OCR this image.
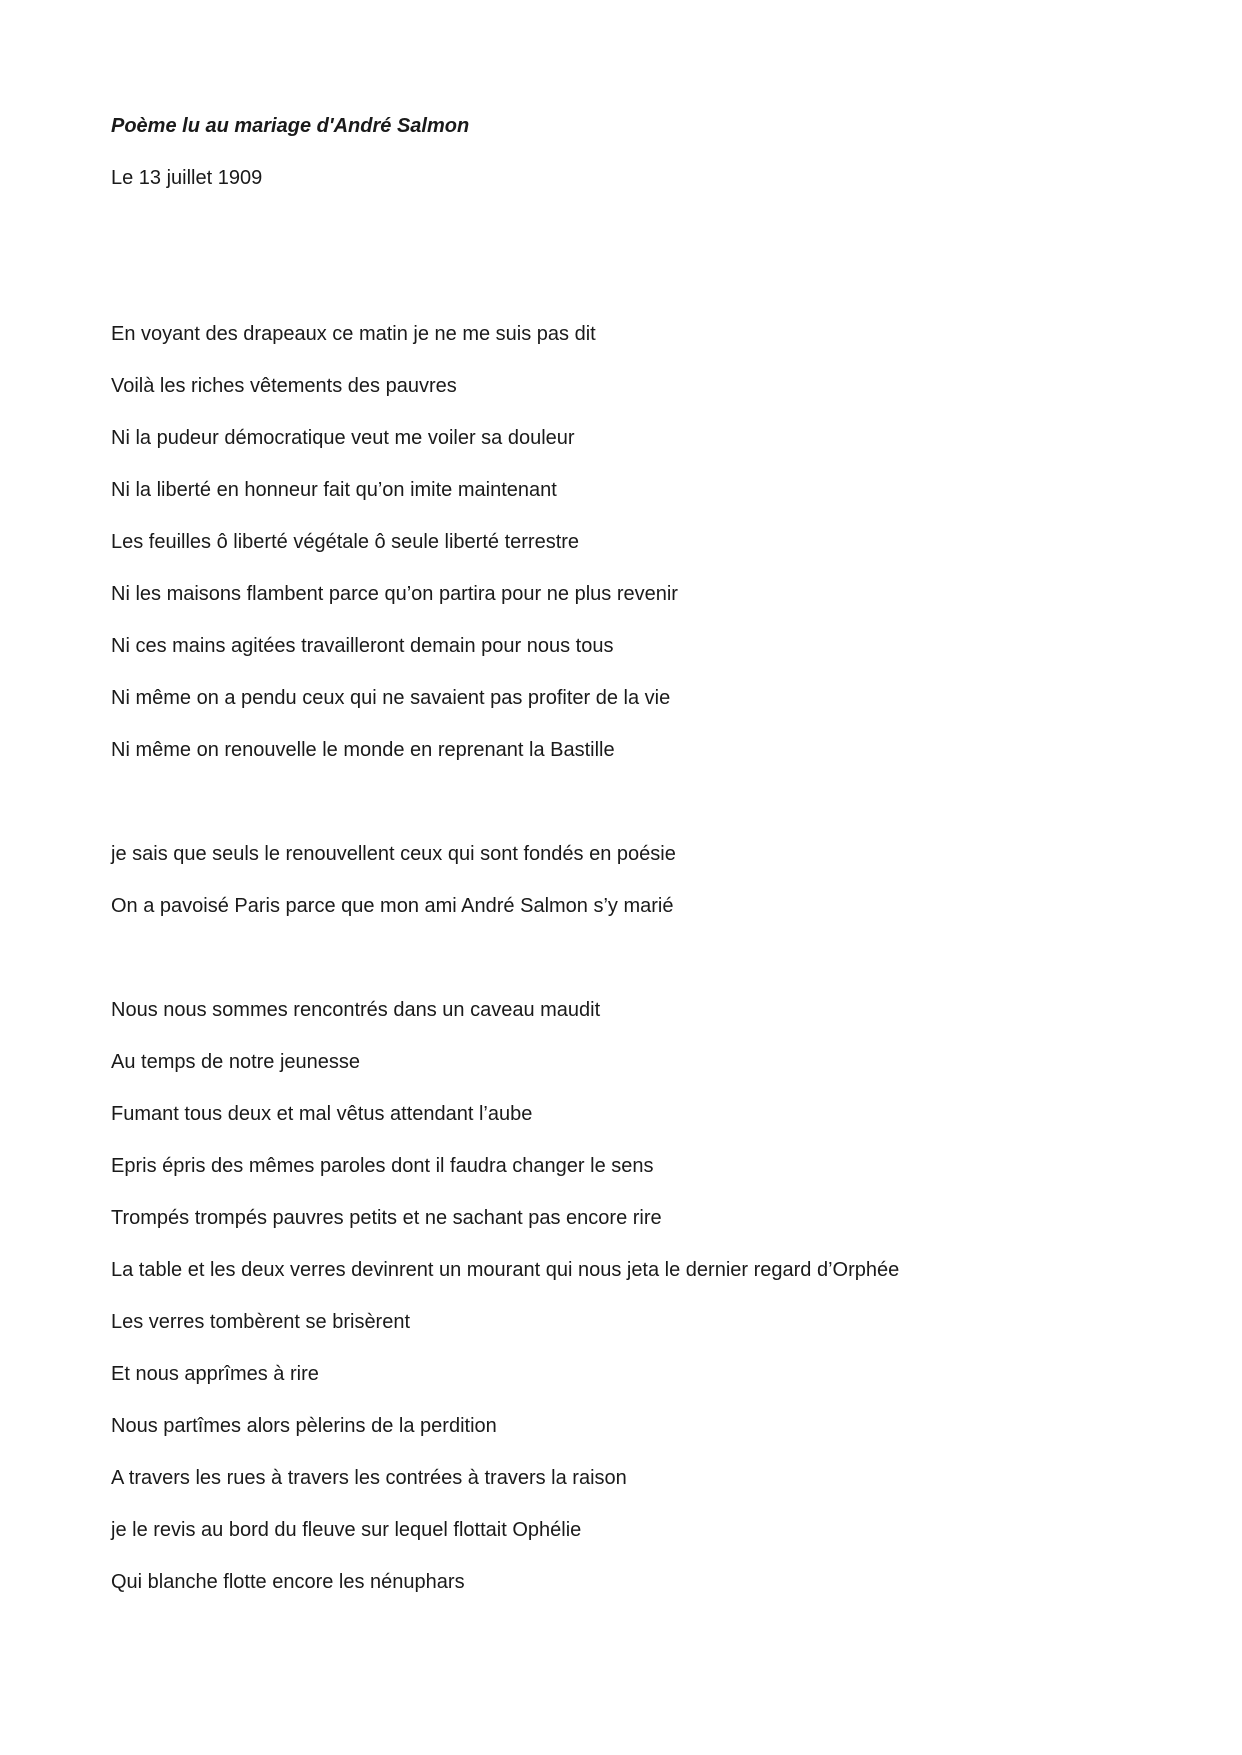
Poème lu au mariage d'André Salmon
Le 13 juillet 1909
En voyant des drapeaux ce matin je ne me suis pas dit
Voilà les riches vêtements des pauvres
Ni la pudeur démocratique veut me voiler sa douleur
Ni la liberté en honneur fait qu’on imite maintenant
Les feuilles ô liberté végétale ô seule liberté terrestre
Ni les maisons flambent parce qu’on partira pour ne plus revenir
Ni ces mains agitées travailleront demain pour nous tous
Ni même on a pendu ceux qui ne savaient pas profiter de la vie
Ni même on renouvelle le monde en reprenant la Bastille
je sais que seuls le renouvellent ceux qui sont fondés en poésie
On a pavoisé Paris parce que mon ami André Salmon s’y marié
Nous nous sommes rencontrés dans un caveau maudit
Au temps de notre jeunesse
Fumant tous deux et mal vêtus attendant l’aube
Epris épris des mêmes paroles dont il faudra changer le sens
Trompés trompés pauvres petits et ne sachant pas encore rire
La table et les deux verres devinrent un mourant qui nous jeta le dernier regard d’Orphée
Les verres tombèrent se brisèrent
Et nous apprîmes à rire
Nous partîmes alors pèlerins de la perdition
A travers les rues à travers les contrées à travers la raison
je le revis au bord du fleuve sur lequel flottait Ophélie
Qui blanche flotte encore les nénuphars
